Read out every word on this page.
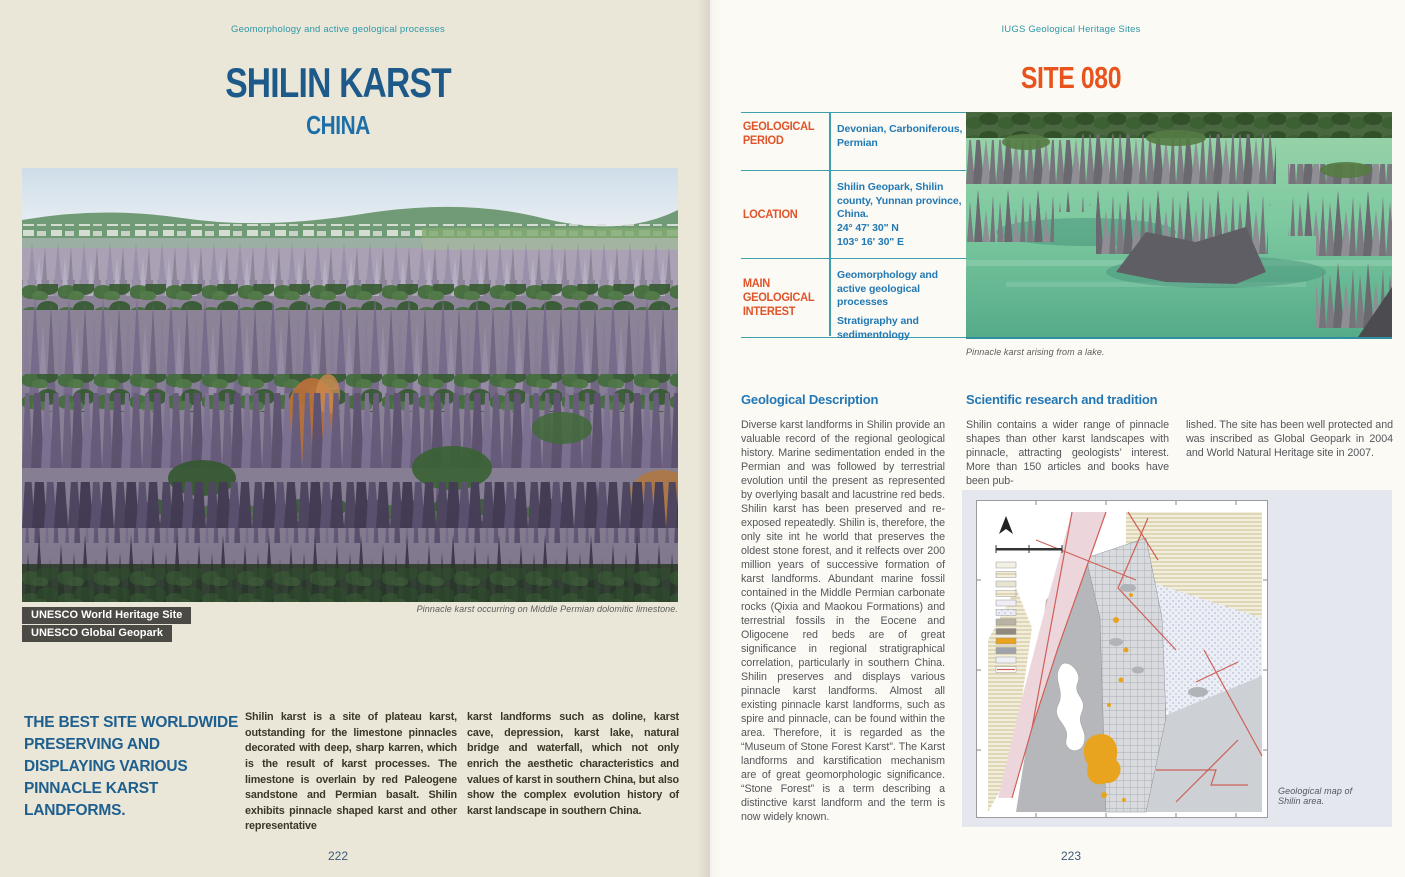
Geomorphology and active geological processes
SHILIN KARST
CHINA
Pinnacle karst occurring on Middle Permian dolomitic limestone.
UNESCO World Heritage Site
UNESCO Global Geopark
THE BEST SITE WORLDWIDE PRESERVING AND DISPLAYING VARIOUS PINNACLE KARST LANDFORMS.
Shilin karst is a site of plateau karst, outstanding for the limestone pinnacles decorated with deep, sharp karren, which is the result of karst processes. The limestone is overlain by red Paleogene sandstone and Permian basalt. Shilin exhibits pinnacle shaped karst and other representative
karst landforms such as doline, karst cave, depression, karst lake, natural bridge and waterfall, which not only enrich the aesthetic characteristics and values of karst in southern China, but also show the complex evolution history of karst landscape in southern China.
222
IUGS Geological Heritage Sites
SITE 080
GEOLOGICAL PERIOD
Devonian, Carboniferous, Permian
LOCATION
Shilin Geopark, Shilin county, Yunnan province, China.
24° 47' 30" N
103° 16' 30" E
MAIN GEOLOGICAL INTEREST
Geomorphology and active geological processes
Stratigraphy and sedimentology
Pinnacle karst arising from a lake.
Geological Description
Diverse karst landforms in Shilin provide an valuable record of the regional geological history. Marine sedimentation ended in the Permian and was followed by terrestrial evolution until the present as represented by overlying basalt and lacustrine red beds. Shilin karst has been preserved and re-exposed repeatedly. Shilin is, therefore, the only site int he world that preserves the oldest stone forest, and it relfects over 200 million years of successive formation of karst landforms. Abundant marine fossil contained in the Middle Permian carbonate rocks (Qixia and Maokou Formations) and terrestrial fossils in the Eocene and Oligocene red beds are of great significance in regional stratigraphical correlation, particularly in southern China. Shilin preserves and displays various pinnacle karst landforms. Almost all existing pinnacle karst landforms, such as spire and pinnacle, can be found within the area. Therefore, it is regarded as the “Museum of Stone Forest Karst”. The Karst landforms and karstification mechanism are of great geomorphologic significance. “Stone Forest” is a term describing a distinctive karst landform and the term is now widely known.
Scientific research and tradition
Shilin contains a wider range of pinnacle shapes than other karst landscapes with pinnacle, attracting geologists’ interest. More than 150 articles and books have been pub-
lished. The site has been well protected and was inscribed as Global Geopark in 2004 and World Natural Heritage site in 2007.
Geological map of Shilin area.
223
